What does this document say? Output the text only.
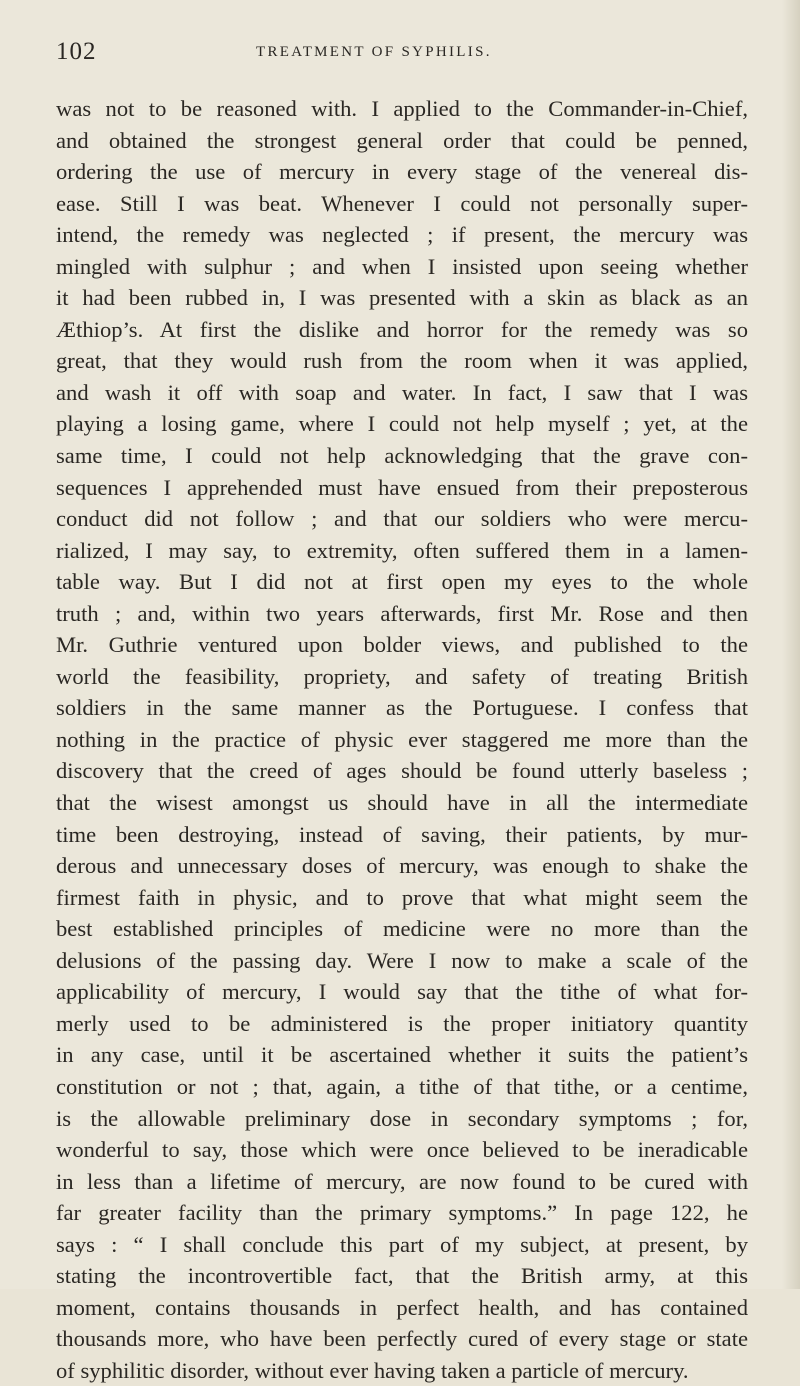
102	TREATMENT OF SYPHILIS.
was not to be reasoned with. I applied to the Commander-in-Chief,
and obtained the strongest general order that could be penned,
ordering the use of mercury in every stage of the venereal dis-
ease. Still I was beat. Whenever I could not personally super-
intend, the remedy was neglected ; if present, the mercury was
mingled with sulphur ; and when I insisted upon seeing whether
it had been rubbed in, I was presented with a skin as black as an
Æthiop’s. At first the dislike and horror for the remedy was so
great, that they would rush from the room when it was applied,
and wash it off with soap and water. In fact, I saw that I was
playing a losing game, where I could not help myself ; yet, at the
same time, I could not help acknowledging that the grave con-
sequences I apprehended must have ensued from their preposterous
conduct did not follow ; and that our soldiers who were mercu-
rialized, I may say, to extremity, often suffered them in a lamen-
table way. But I did not at first open my eyes to the whole
truth ; and, within two years afterwards, first Mr. Rose and then
Mr. Guthrie ventured upon bolder views, and published to the
world the feasibility, propriety, and safety of treating British
soldiers in the same manner as the Portuguese. I confess that
nothing in the practice of physic ever staggered me more than the
discovery that the creed of ages should be found utterly baseless ;
that the wisest amongst us should have in all the intermediate
time been destroying, instead of saving, their patients, by mur-
derous and unnecessary doses of mercury, was enough to shake the
firmest faith in physic, and to prove that what might seem the
best established principles of medicine were no more than the
delusions of the passing day. Were I now to make a scale of the
applicability of mercury, I would say that the tithe of what for-
merly used to be administered is the proper initiatory quantity
in any case, until it be ascertained whether it suits the patient’s
constitution or not ; that, again, a tithe of that tithe, or a centime,
is the allowable preliminary dose in secondary symptoms ; for,
wonderful to say, those which were once believed to be ineradicable
in less than a lifetime of mercury, are now found to be cured with
far greater facility than the primary symptoms.” In page 122, he
says : “ I shall conclude this part of my subject, at present, by
stating the incontrovertible fact, that the British army, at this
moment, contains thousands in perfect health, and has contained
thousands more, who have been perfectly cured of every stage or state
of syphilitic disorder, without ever having taken a particle of mercury.
